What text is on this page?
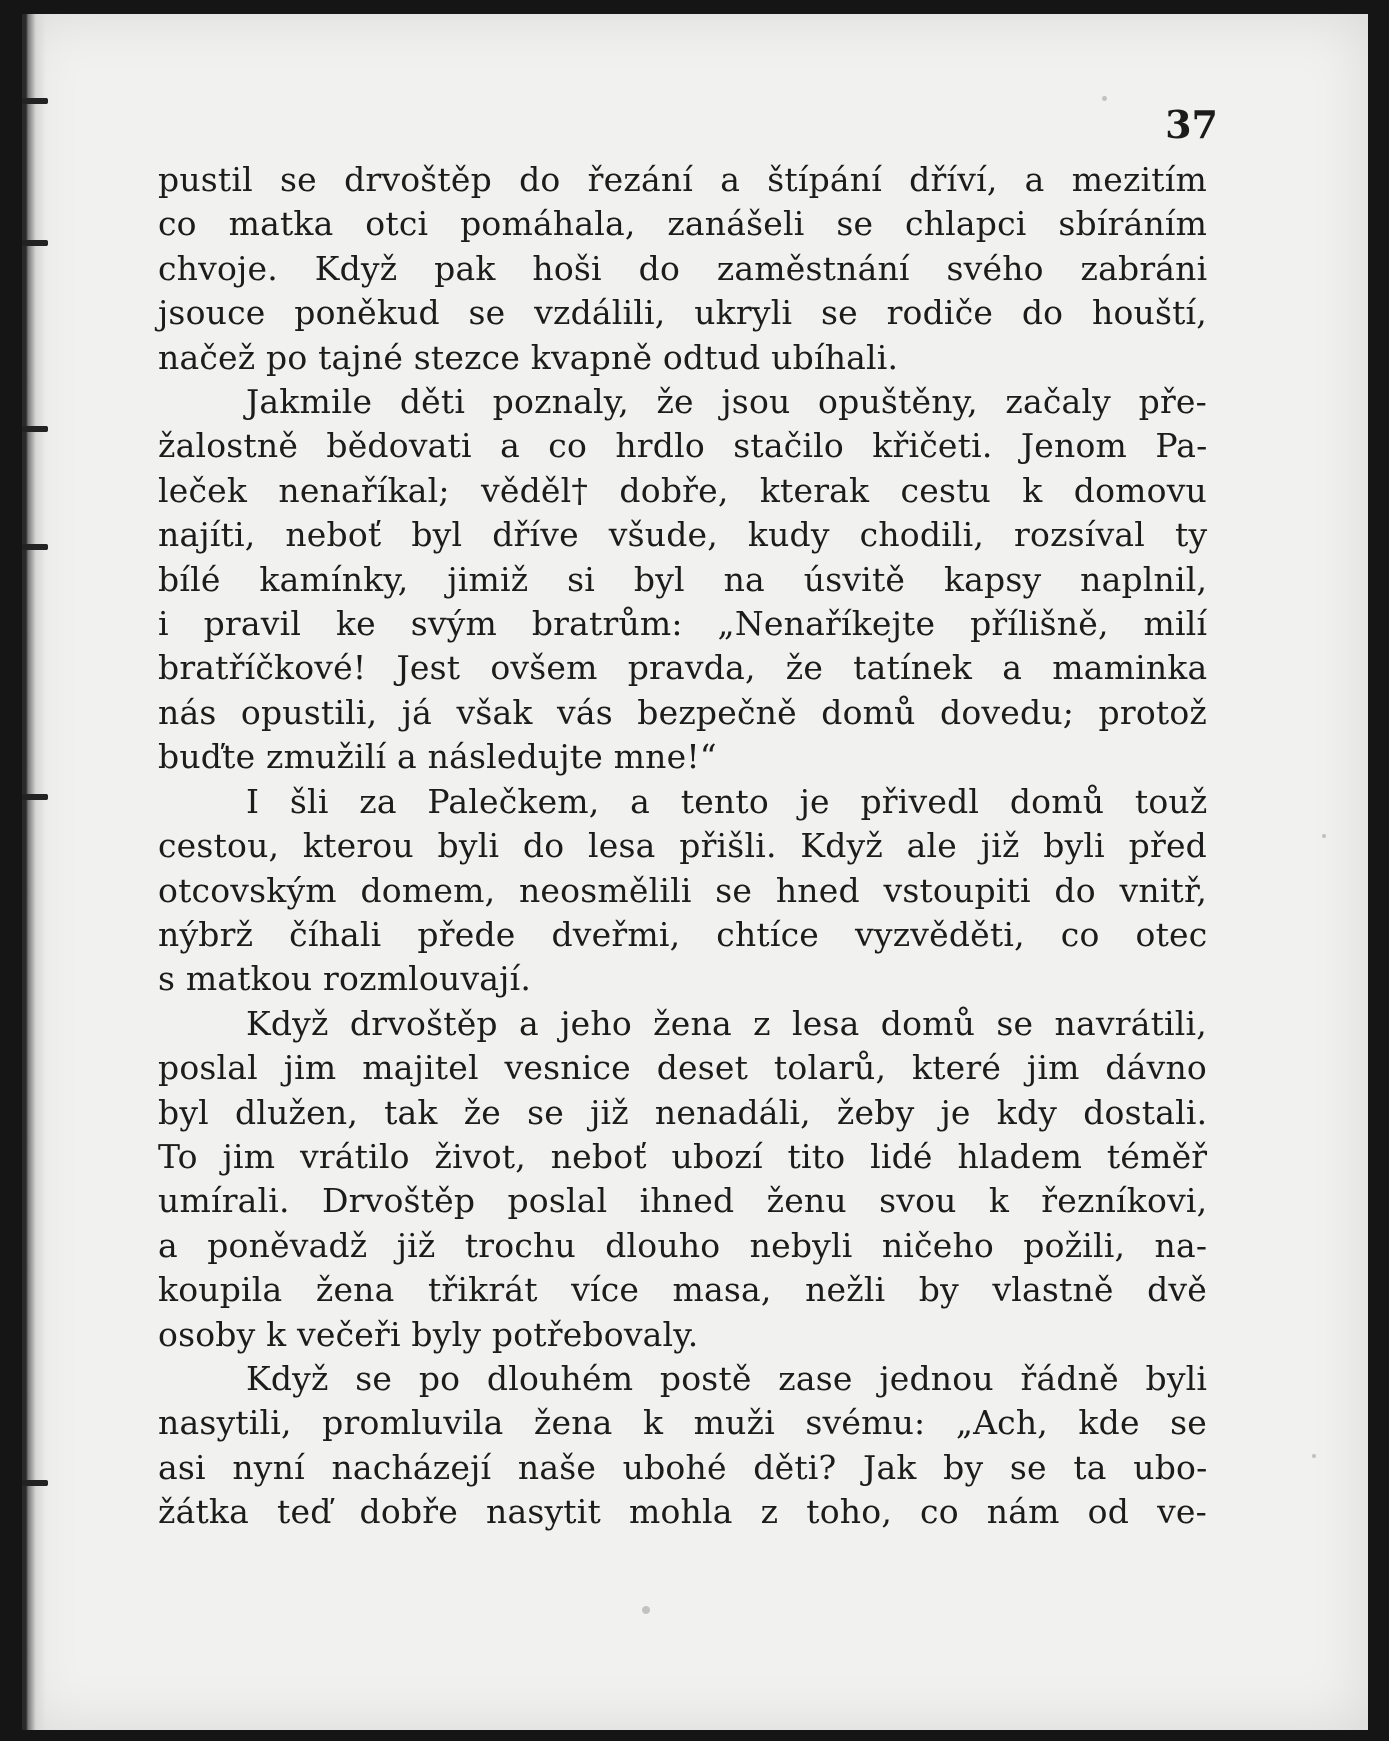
37

pustil se drvoštěp do řezání a štípání dříví, a mezitím
co matka otci pomáhala, zanášeli se chlapci sbíráním
chvoje. Když pak hoši do zaměstnání svého zabráni
jsouce poněkud se vzdálili, ukryli se rodiče do houští,
načež po tajné stezce kvapně odtud ubíhali.

Jakmile děti poznaly, že jsou opuštěny, začaly pře-
žalostně bědovati a co hrdlo stačilo křičeti. Jenom Pa-
leček nenaříkal; věděl† dobře, kterak cestu k domovu
najíti, neboť byl dříve všude, kudy chodili, rozsíval ty
bílé kamínky, jimiž si byl na úsvitě kapsy naplnil,
i pravil ke svým bratrům: „Nenaříkejte přílišně, milí
bratříčkové! Jest ovšem pravda, že tatínek a maminka
nás opustili, já však vás bezpečně domů dovedu; protož
buďte zmužilí a následujte mne!“

I šli za Palečkem, a tento je přivedl domů touž
cestou, kterou byli do lesa přišli. Když ale již byli před
otcovským domem, neosmělili se hned vstoupiti do vnitř,
nýbrž číhali přede dveřmi, chtíce vyzvěděti, co otec
s matkou rozmlouvají.

Když drvoštěp a jeho žena z lesa domů se navrátili,
poslal jim majitel vesnice deset tolarů, které jim dávno
byl dlužen, tak že se již nenadáli, žeby je kdy dostali.
To jim vrátilo život, neboť ubozí tito lidé hladem téměř
umírali. Drvoštěp poslal ihned ženu svou k řezníkovi,
a poněvadž již trochu dlouho nebyli ničeho požili, na-
koupila žena třikrát více masa, nežli by vlastně dvě
osoby k večeři byly potřebovaly.

Když se po dlouhém postě zase jednou řádně byli
nasytili, promluvila žena k muži svému: „Ach, kde se
asi nyní nacházejí naše ubohé děti? Jak by se ta ubo-
žátka teď dobře nasytit mohla z toho, co nám od ve-
